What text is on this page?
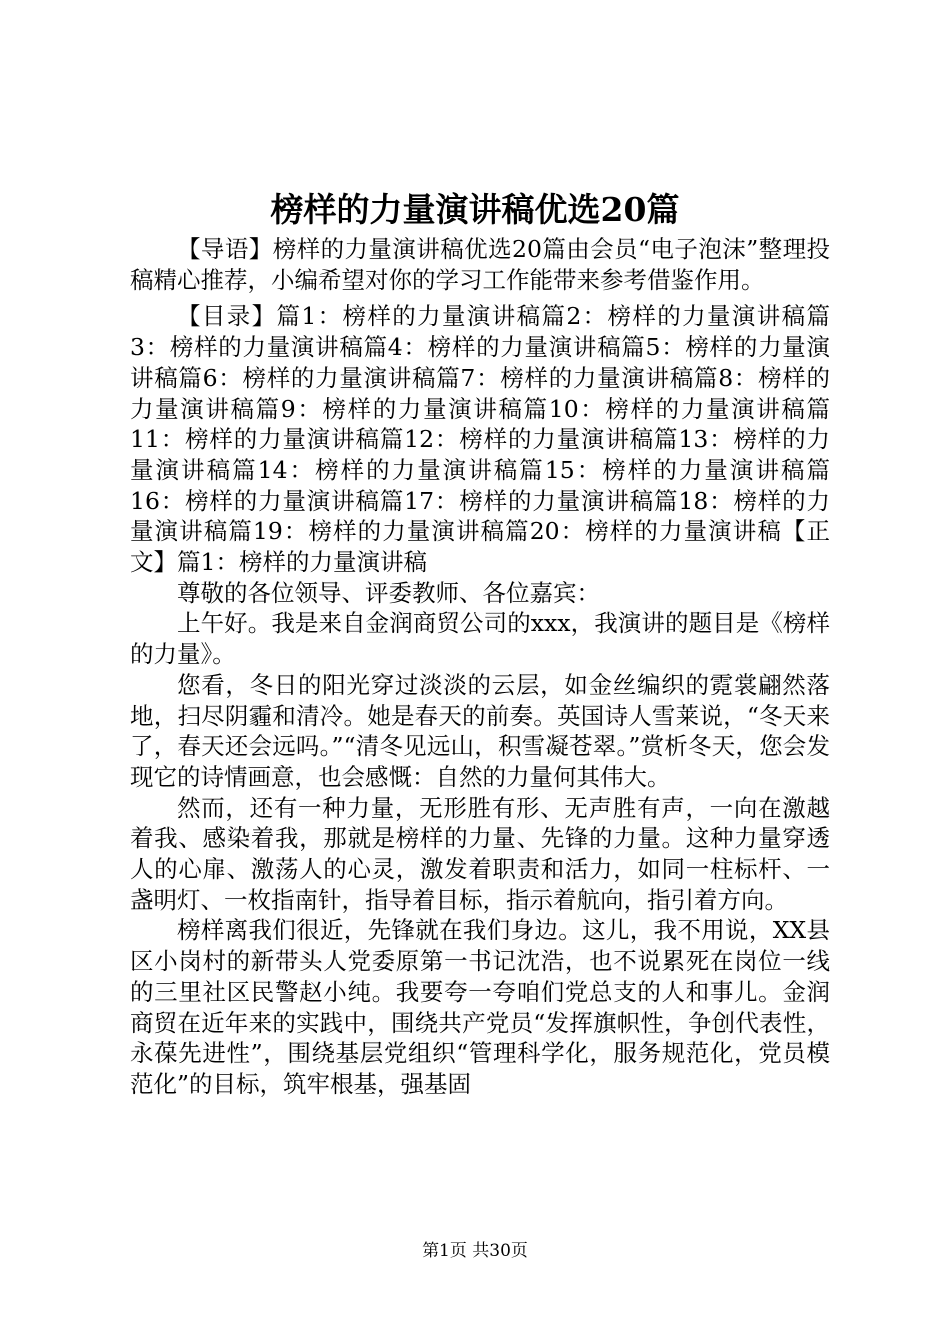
榜样的力量演讲稿优选20篇

【导语】榜样的力量演讲稿优选20篇由会员“电子泡沫”整理投稿精心推荐，小编希望对你的学习工作能带来参考借鉴作用。

【目录】篇1：榜样的力量演讲稿篇2：榜样的力量演讲稿篇3：榜样的力量演讲稿篇4：榜样的力量演讲稿篇5：榜样的力量演讲稿篇6：榜样的力量演讲稿篇7：榜样的力量演讲稿篇8：榜样的力量演讲稿篇9：榜样的力量演讲稿篇10：榜样的力量演讲稿篇11：榜样的力量演讲稿篇12：榜样的力量演讲稿篇13：榜样的力量演讲稿篇14：榜样的力量演讲稿篇15：榜样的力量演讲稿篇16：榜样的力量演讲稿篇17：榜样的力量演讲稿篇18：榜样的力量演讲稿篇19：榜样的力量演讲稿篇20：榜样的力量演讲稿【正文】篇1：榜样的力量演讲稿

尊敬的各位领导、评委教师、各位嘉宾：

上午好。我是来自金润商贸公司的xxx，我演讲的题目是《榜样的力量》。

您看，冬日的阳光穿过淡淡的云层，如金丝编织的霓裳翩然落地，扫尽阴霾和清冷。她是春天的前奏。英国诗人雪莱说，“冬天来了，春天还会远吗。”“清冬见远山，积雪凝苍翠。”赏析冬天，您会发现它的诗情画意，也会感慨：自然的力量何其伟大。

然而，还有一种力量，无形胜有形、无声胜有声，一向在激越着我、感染着我，那就是榜样的力量、先锋的力量。这种力量穿透人的心扉、激荡人的心灵，激发着职责和活力，如同一柱标杆、一盏明灯、一枚指南针，指导着目标，指示着航向，指引着方向。

榜样离我们很近，先锋就在我们身边。这儿，我不用说，XX县区小岗村的新带头人党委原第一书记沈浩，也不说累死在岗位一线的三里社区民警赵小纯。我要夸一夸咱们党总支的人和事儿。金润商贸在近年来的实践中，围绕共产党员“发挥旗帜性，争创代表性，永葆先进性”，围绕基层党组织“管理科学化，服务规范化，党员模范化”的目标，筑牢根基，强基固

第1页 共30页
